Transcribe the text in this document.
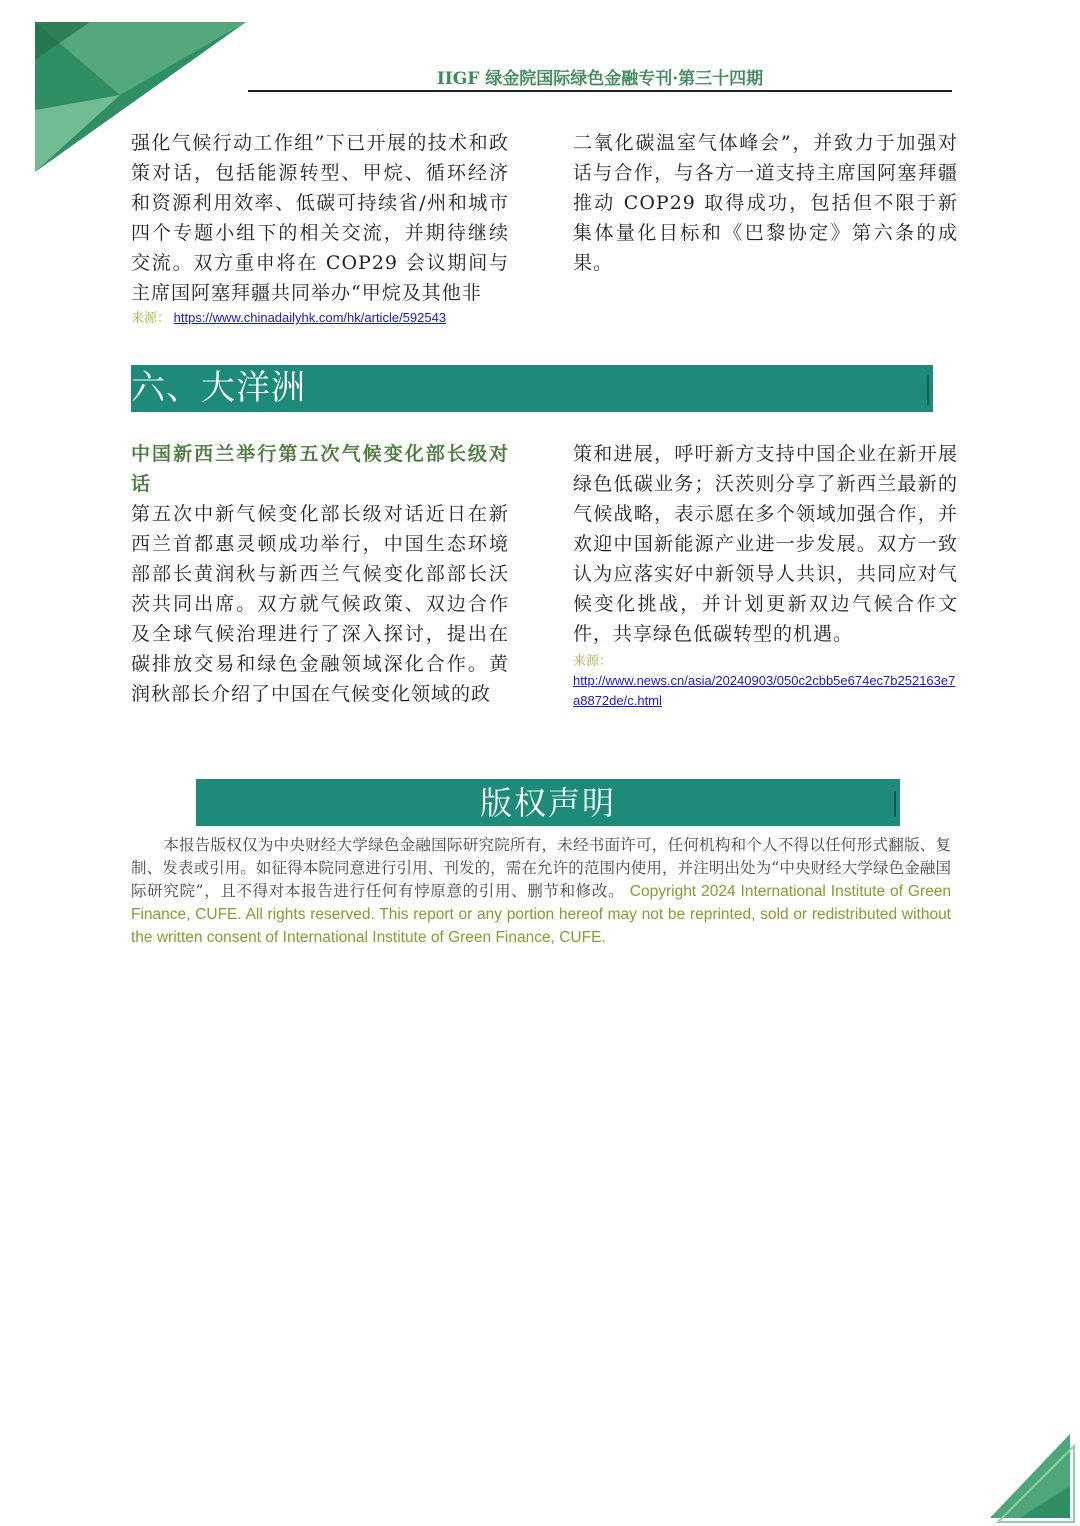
IIGF 绿金院国际绿色金融专刊·第三十四期

强化气候行动工作组”下已开展的技术和政策对话，包括能源转型、甲烷、循环经济和资源利用效率、低碳可持续省/州和城市四个专题小组下的相关交流，并期待继续交流。双方重申将在 COP29 会议期间与主席国阿塞拜疆共同举办“甲烷及其他非

来源： https://www.chinadailyhk.com/hk/article/592543

二氧化碳温室气体峰会”，并致力于加强对话与合作，与各方一道支持主席国阿塞拜疆推动 COP29 取得成功，包括但不限于新集体量化目标和《巴黎协定》第六条的成果。

六、大洋洲

中国新西兰举行第五次气候变化部长级对话

第五次中新气候变化部长级对话近日在新西兰首都惠灵顿成功举行，中国生态环境部部长黄润秋与新西兰气候变化部部长沃茨共同出席。双方就气候政策、双边合作及全球气候治理进行了深入探讨，提出在碳排放交易和绿色金融领域深化合作。黄润秋部长介绍了中国在气候变化领域的政

策和进展，呼吁新方支持中国企业在新开展绿色低碳业务；沃茨则分享了新西兰最新的气候战略，表示愿在多个领域加强合作，并欢迎中国新能源产业进一步发展。双方一致认为应落实好中新领导人共识，共同应对气候变化挑战，并计划更新双边气候合作文件，共享绿色低碳转型的机遇。

来源：
http://www.news.cn/asia/20240903/050c2cbb5e674ec7b252163e7a8872de/c.html
版权声明
本报告版权仅为中央财经大学绿色金融国际研究院所有，未经书面许可，任何机构和个人不得以任何形式翻版、复制、发表或引用。如征得本院同意进行引用、刊发的，需在允许的范围内使用，并注明出处为“中央财经大学绿色金融国际研究院”，且不得对本报告进行任何有悖原意的引用、删节和修改。 Copyright 2024 International Institute of Green Finance, CUFE. All rights reserved. This report or any portion hereof may not be reprinted, sold or redistributed without the written consent of International Institute of Green Finance, CUFE.
